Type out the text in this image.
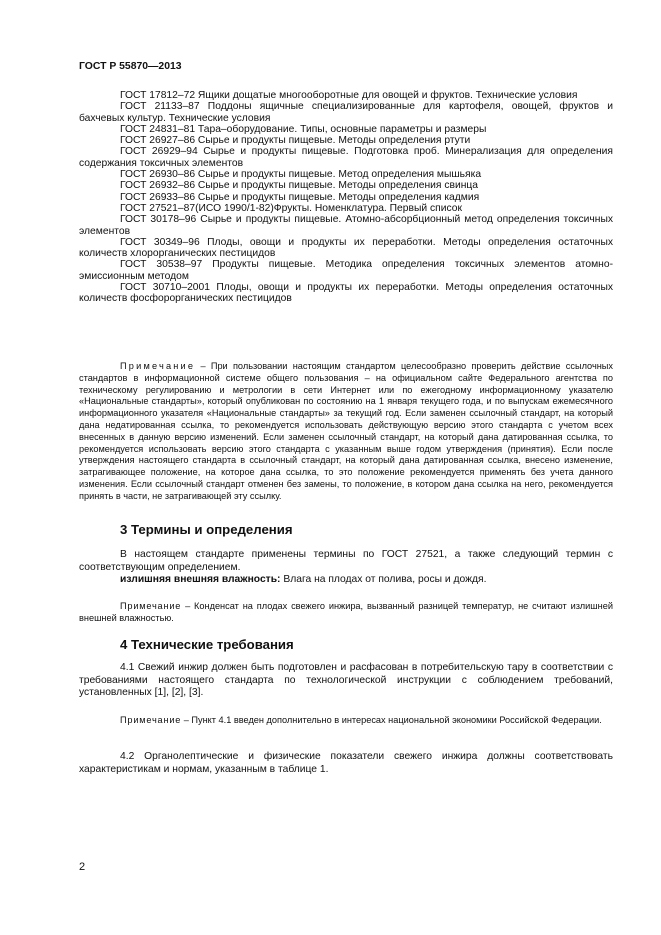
ГОСТ Р 55870—2013

ГОСТ 17812–72 Ящики дощатые многооборотные для овощей и фруктов. Технические условия

ГОСТ 21133–87 Поддоны ящичные специализированные для картофеля, овощей, фруктов и бахчевых культур. Технические условия

ГОСТ 24831–81 Тара–оборудование. Типы, основные параметры и размеры

ГОСТ 26927–86 Сырье и продукты пищевые. Методы определения ртути

ГОСТ 26929–94 Сырье и продукты пищевые. Подготовка проб. Минерализация для определения содержания токсичных элементов

ГОСТ 26930–86 Сырье и продукты пищевые. Метод определения мышьяка

ГОСТ 26932–86 Сырье и продукты пищевые. Методы определения свинца

ГОСТ 26933–86 Сырье и продукты пищевые. Методы определения кадмия

ГОСТ 27521–87(ИСО 1990/1-82)Фрукты. Номенклатура. Первый список

ГОСТ 30178–96 Сырье и продукты пищевые. Атомно-абсорбционный метод определения токсичных элементов

ГОСТ 30349–96 Плоды, овощи и продукты их переработки. Методы определения остаточных количеств хлорорганических пестицидов

ГОСТ 30538–97 Продукты пищевые. Методика определения токсичных элементов атомно-эмиссионным методом

ГОСТ 30710–2001 Плоды, овощи и продукты их переработки. Методы определения остаточных количеств фосфорорганических пестицидов

Примечание – При пользовании настоящим стандартом целесообразно проверить действие ссылочных стандартов в информационной системе общего пользования – на официальном сайте Федерального агентства по техническому регулированию и метрологии в сети Интернет или по ежегодному информационному указателю «Национальные стандарты», который опубликован по состоянию на 1 января текущего года, и по выпускам ежемесячного информационного указателя «Национальные стандарты» за текущий год. Если заменен ссылочный стандарт, на который дана недатированная ссылка, то рекомендуется использовать действующую версию этого стандарта с учетом всех внесенных в данную версию изменений. Если заменен ссылочный стандарт, на который дана датированная ссылка, то рекомендуется использовать версию этого стандарта с указанным выше годом утверждения (принятия). Если после утверждения настоящего стандарта в ссылочный стандарт, на который дана датированная ссылка, внесено изменение, затрагивающее положение, на которое дана ссылка, то это положение рекомендуется применять без учета данного изменения. Если ссылочный стандарт отменен без замены, то положение, в котором дана ссылка на него, рекомендуется принять в части, не затрагивающей эту ссылку.

3 Термины и определения

В настоящем стандарте применены термины по ГОСТ 27521, а также следующий термин с соответствующим определением.

излишняя внешняя влажность: Влага на плодах от полива, росы и дождя.

Примечание – Конденсат на плодах свежего инжира, вызванный разницей температур, не считают излишней внешней влажностью.

4 Технические требования

4.1 Свежий инжир должен быть подготовлен и расфасован в потребительскую тару в соответствии с требованиями настоящего стандарта по технологической инструкции с соблюдением требований, установленных [1], [2], [3].

Примечание – Пункт 4.1 введен дополнительно в интересах национальной экономики Российской Федерации.

4.2 Органолептические и физические показатели свежего инжира должны соответствовать характеристикам и нормам, указанным в таблице 1.

2
